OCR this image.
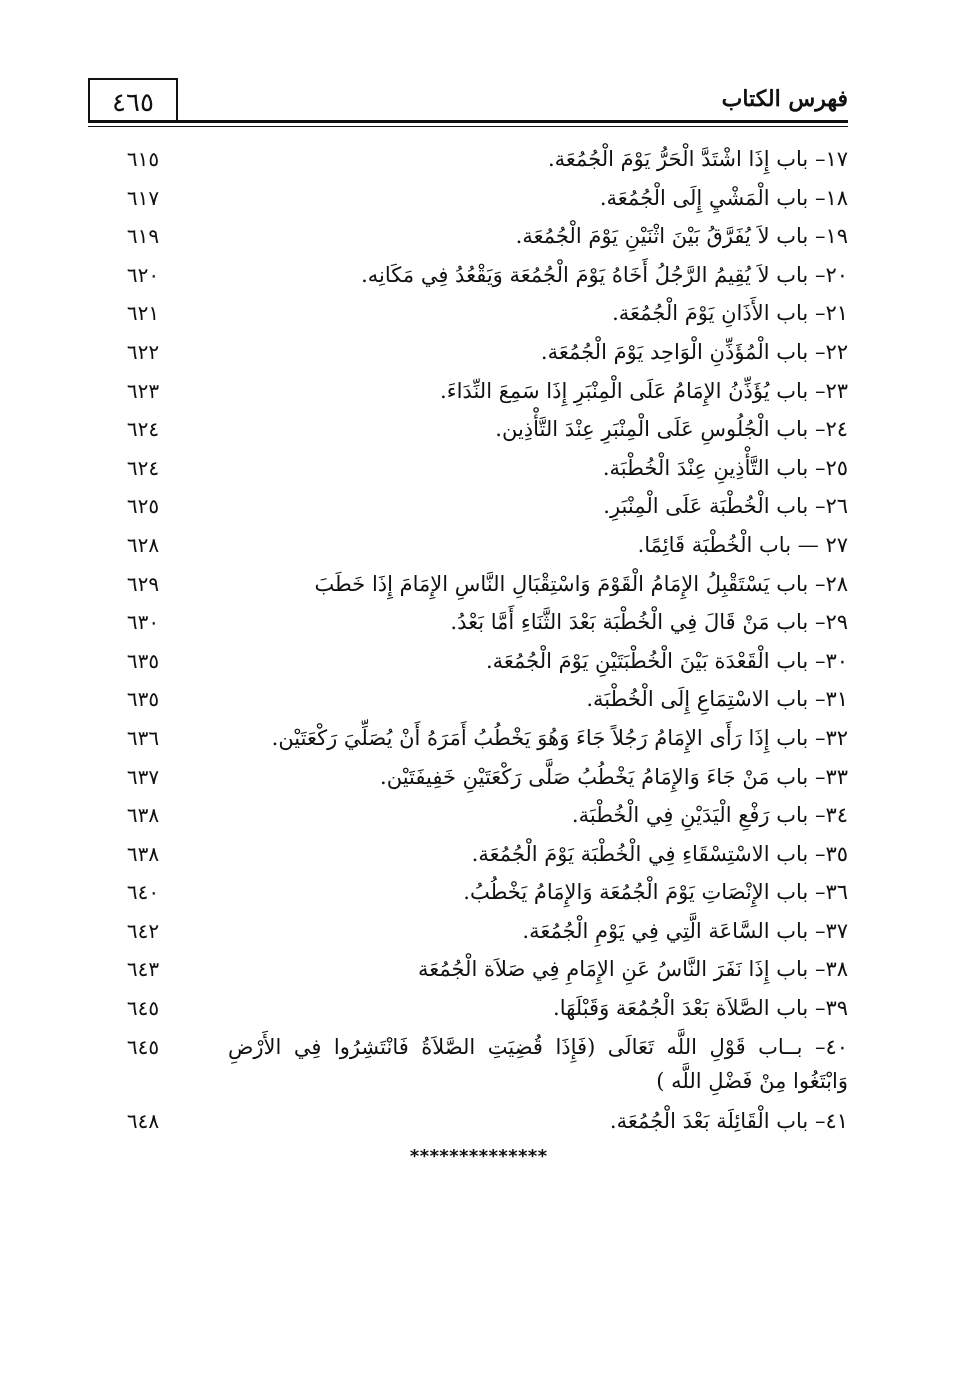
٤٦٥	فهرس الكتاب
١٧– باب إِذَا اشْتَدَّ الْحَرُّ يَوْمَ الْجُمُعَة.
٦١٥
١٨– باب الْمَشْيِ إِلَى الْجُمُعَة.
٦١٧
١٩– باب لاَ يُفَرَّقُ بَيْنَ اثْنَيْنِ يَوْمَ الْجُمُعَة.
٦١٩
٢٠– باب لاَ يُقِيمُ الرَّجُلُ أَخَاهُ يَوْمَ الْجُمُعَة وَيَقْعُدُ فِي مَكَانِه.
٦٢٠
٢١– باب الأَذَانِ يَوْمَ الْجُمُعَة.
٦٢١
٢٢– باب الْمُؤَذِّنِ الْوَاحِد يَوْمَ الْجُمُعَة.
٦٢٢
٢٣– باب يُؤَذِّنُ الإِمَامُ عَلَى الْمِنْبَرِ إِذَا سَمِعَ النِّدَاءَ.
٦٢٣
٢٤– باب الْجُلُوسِ عَلَى الْمِنْبَرِ عِنْدَ التَّأْذِين.
٦٢٤
٢٥– باب التَّأْذِينِ عِنْدَ الْخُطْبَة.
٦٢٤
٢٦– باب الْخُطْبَة عَلَى الْمِنْبَرِ.
٦٢٥
٢٧ — باب الْخُطْبَة قَائِمًا.
٦٢٨
٢٨– باب يَسْتَقْبِلُ الإِمَامُ الْقَوْمَ وَاسْتِقْبَالِ النَّاسِ الإِمَامَ إِذَا خَطَبَ
٦٢٩
٢٩– باب مَنْ قَالَ فِي الْخُطْبَة بَعْدَ الثَّنَاءِ أَمَّا بَعْدُ.
٦٣٠
٣٠– باب الْقَعْدَة بَيْنَ الْخُطْبَتَيْنِ يَوْمَ الْجُمُعَة.
٦٣٥
٣١– باب الاسْتِمَاعِ إِلَى الْخُطْبَة.
٦٣٥
٣٢– باب إِذَا رَأَى الإِمَامُ رَجُلاً جَاءَ وَهُوَ يَخْطُبُ أَمَرَهُ أَنْ يُصَلِّيَ رَكْعَتَيْن.
٦٣٦
٣٣– باب مَنْ جَاءَ وَالإِمَامُ يَخْطُبُ صَلَّى رَكْعَتَيْنِ خَفِيفَتَيْن.
٦٣٧
٣٤– باب رَفْعِ الْيَدَيْنِ فِي الْخُطْبَة.
٦٣٨
٣٥– باب الاسْتِسْقَاءِ فِي الْخُطْبَة يَوْمَ الْجُمُعَة.
٦٣٨
٣٦– باب الإِنْصَاتِ يَوْمَ الْجُمُعَة وَالإِمَامُ يَخْطُبُ.
٦٤٠
٣٧– باب السَّاعَة الَّتِي فِي يَوْمِ الْجُمُعَة.
٦٤٢
٣٨– باب إِذَا نَفَرَ النَّاسُ عَنِ الإِمَامِ فِي صَلاَة الْجُمُعَة
٦٤٣
٣٩– باب الصَّلاَة بَعْدَ الْجُمُعَة وَقَبْلَهَا.
٦٤٥
٤٠– بــاب قَوْلِ اللَّه تَعَالَى (فَإِذَا قُضِيَتِ الصَّلاَةُ فَانْتَشِرُوا فِي الأَرْضِ وَابْتَغُوا مِنْ فَضْلِ اللَّه )
٦٤٥
٤١– باب الْقَائِلَة بَعْدَ الْجُمُعَة.
٦٤٨
**************
